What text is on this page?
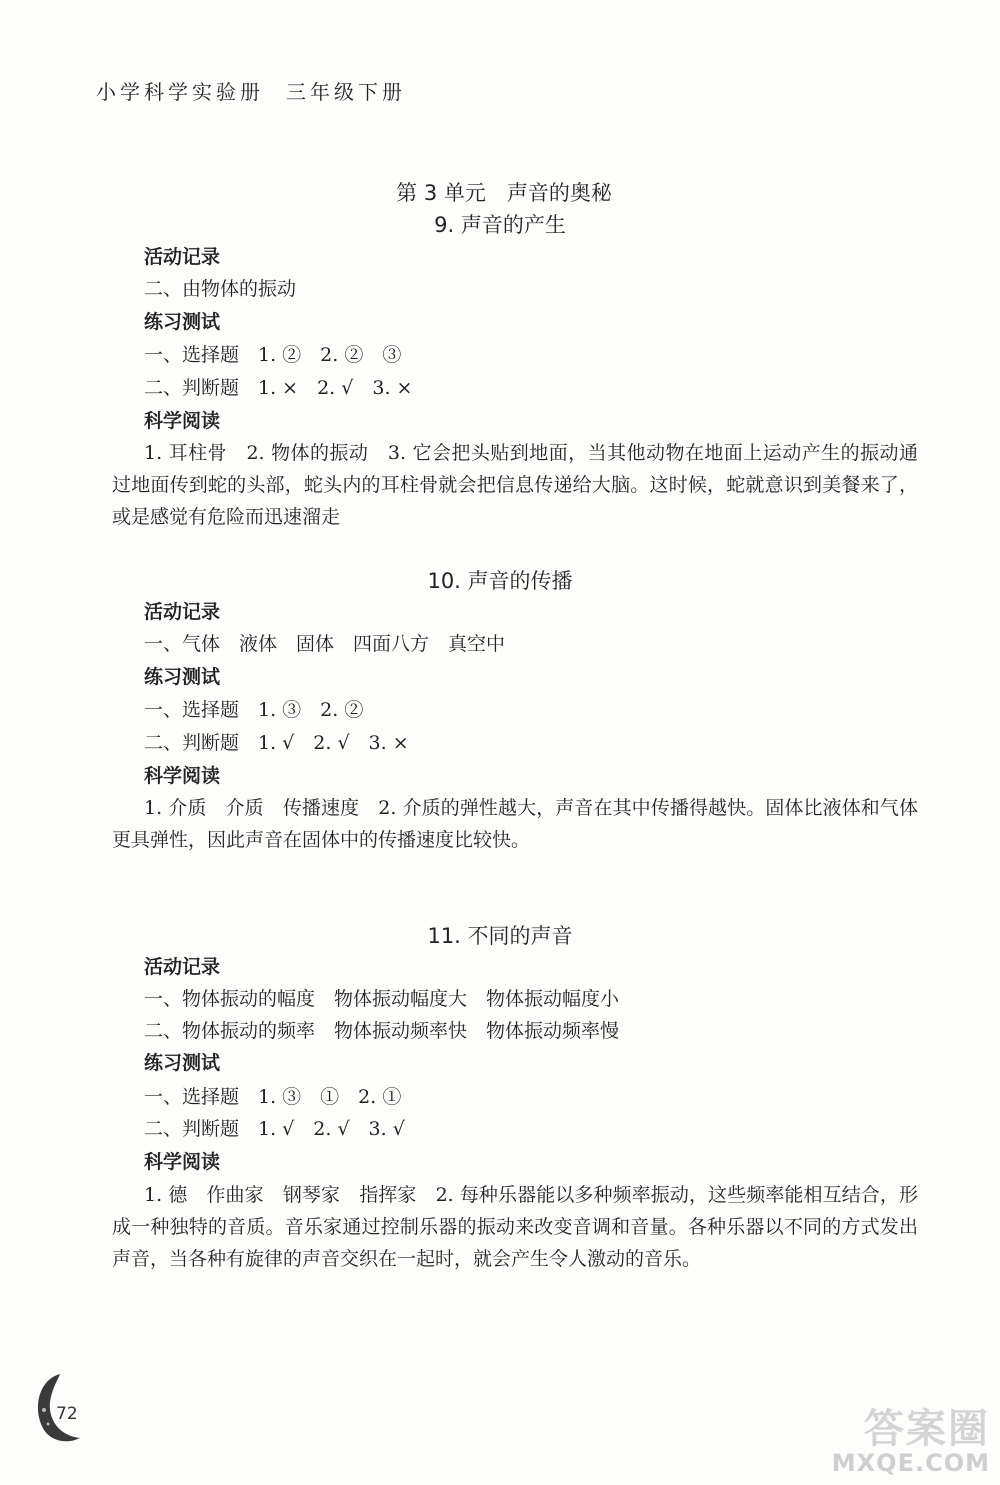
小学科学实验册 三年级下册
第 3 单元　声音的奥秘
9. 声音的产生
活动记录
二、由物体的振动
练习测试
一、选择题　1. ②　2. ②　③
二、判断题　1. ×　2. √　3. ×
科学阅读
1. 耳柱骨　2. 物体的振动　3. 它会把头贴到地面，当其他动物在地面上运动产生的振动通过地面传到蛇的头部，蛇头内的耳柱骨就会把信息传递给大脑。这时候，蛇就意识到美餐来了，或是感觉有危险而迅速溜走
10. 声音的传播
活动记录
一、气体　液体　固体　四面八方　真空中
练习测试
一、选择题　1. ③　2. ②
二、判断题　1. √　2. √　3. ×
科学阅读
1. 介质　介质　传播速度　2. 介质的弹性越大，声音在其中传播得越快。固体比液体和气体更具弹性，因此声音在固体中的传播速度比较快。
11. 不同的声音
活动记录
一、物体振动的幅度　物体振动幅度大　物体振动幅度小
二、物体振动的频率　物体振动频率快　物体振动频率慢
练习测试
一、选择题　1. ③　①　2. ①
二、判断题　1. √　2. √　3. √
科学阅读
1. 德　作曲家　钢琴家　指挥家　2. 每种乐器能以多种频率振动，这些频率能相互结合，形成一种独特的音质。音乐家通过控制乐器的振动来改变音调和音量。各种乐器以不同的方式发出声音，当各种有旋律的声音交织在一起时，就会产生令人激动的音乐。
72	答案圈
MXQE.COM
